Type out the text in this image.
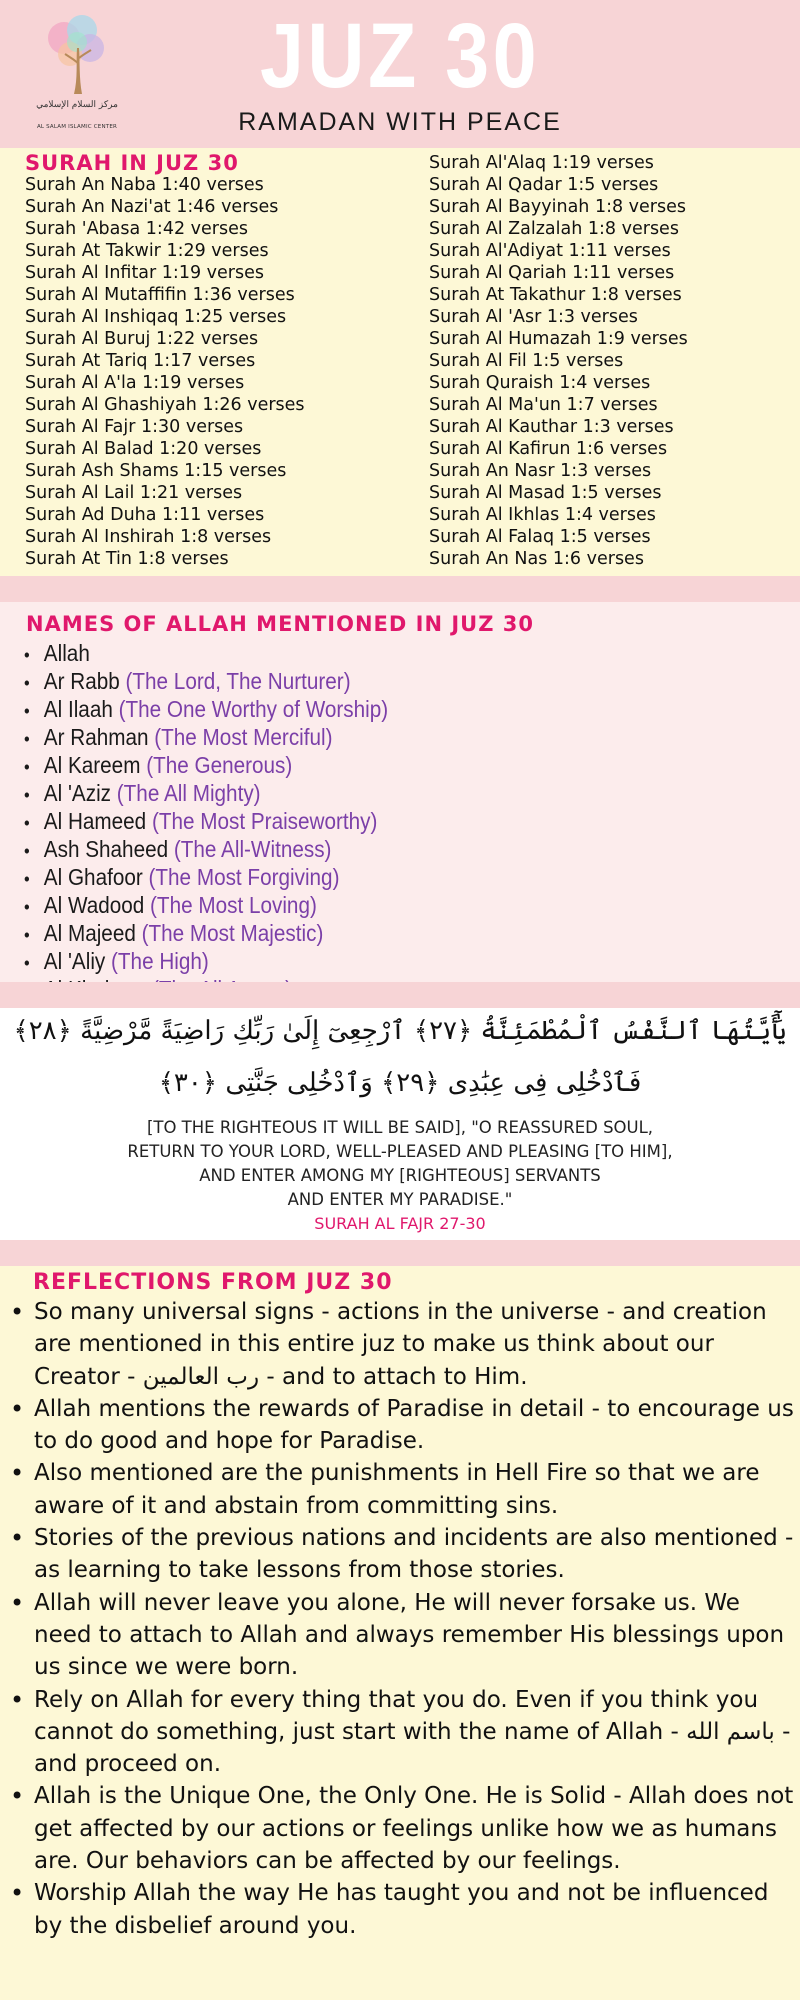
مركز السلام الإسلامي
AL SALAM ISLAMIC CENTER
JUZ 30
RAMADAN WITH PEACE
SURAH IN JUZ 30
Surah An Naba 1:40 verses
Surah An Nazi'at 1:46 verses
Surah 'Abasa 1:42 verses
Surah At Takwir 1:29 verses
Surah Al Infitar 1:19 verses
Surah Al Mutaffifin 1:36 verses
Surah Al Inshiqaq 1:25 verses
Surah Al Buruj 1:22 verses
Surah At Tariq 1:17 verses
Surah Al A'la 1:19 verses
Surah Al Ghashiyah 1:26 verses
Surah Al Fajr 1:30 verses
Surah Al Balad 1:20 verses
Surah Ash Shams 1:15 verses
Surah Al Lail 1:21 verses
Surah Ad Duha 1:11 verses
Surah Al Inshirah 1:8 verses
Surah At Tin 1:8 verses
Surah Al'Alaq 1:19 verses
Surah Al Qadar 1:5 verses
Surah Al Bayyinah 1:8 verses
Surah Al Zalzalah 1:8 verses
Surah Al'Adiyat 1:11 verses
Surah Al Qariah 1:11 verses
Surah At Takathur 1:8 verses
Surah Al 'Asr 1:3 verses
Surah Al Humazah 1:9 verses
Surah Al Fil 1:5 verses
Surah Quraish 1:4 verses
Surah Al Ma'un 1:7 verses
Surah Al Kauthar 1:3 verses
Surah Al Kafirun 1:6 verses
Surah An Nasr 1:3 verses
Surah Al Masad 1:5 verses
Surah Al Ikhlas 1:4 verses
Surah Al Falaq 1:5 verses
Surah An Nas 1:6 verses
NAMES OF ALLAH MENTIONED IN JUZ 30
• Allah
• Ar Rabb (The Lord, The Nurturer)
• Al Ilaah (The One Worthy of Worship)
• Ar Rahman (The Most Merciful)
• Al Kareem (The Generous)
• Al 'Aziz (The All Mighty)
• Al Hameed (The Most Praiseworthy)
• Ash Shaheed (The All-Witness)
• Al Ghafoor (The Most Forgiving)
• Al Wadood (The Most Loving)
• Al Majeed (The Most Majestic)
• Al 'Aliy (The High)
يَٰٓأَيَّتُهَا ٱلنَّفْسُ ٱلْمُطْمَئِنَّةُ ﴿٢٧﴾ ٱرْجِعِىٓ إِلَىٰ رَبِّكِ رَاضِيَةً مَّرْضِيَّةً ﴿٢٨﴾
فَٱدْخُلِى فِى عِبَٰدِى ﴿٢٩﴾ وَٱدْخُلِى جَنَّتِى ﴿٣٠﴾
[TO THE RIGHTEOUS IT WILL BE SAID], "O REASSURED SOUL,
RETURN TO YOUR LORD, WELL-PLEASED AND PLEASING [TO HIM],
AND ENTER AMONG MY [RIGHTEOUS] SERVANTS
AND ENTER MY PARADISE."
SURAH AL FAJR 27-30
REFLECTIONS FROM JUZ 30
• So many universal signs - actions in the universe - and creation are mentioned in this entire juz to make us think about our Creator - رب العالمين - and to attach to Him.
• Allah mentions the rewards of Paradise in detail - to encourage us to do good and hope for Paradise.
• Also mentioned are the punishments in Hell Fire so that we are aware of it and abstain from committing sins.
• Stories of the previous nations and incidents are also mentioned - as learning to take lessons from those stories.
• Allah will never leave you alone, He will never forsake us. We need to attach to Allah and always remember His blessings upon us since we were born.
• Rely on Allah for every thing that you do. Even if you think you cannot do something, just start with the name of Allah - باسم الله - and proceed on.
• Allah is the Unique One, the Only One. He is Solid - Allah does not get affected by our actions or feelings unlike how we as humans are. Our behaviors can be affected by our feelings.
• Worship Allah the way He has taught you and not be influenced by the disbelief around you.
